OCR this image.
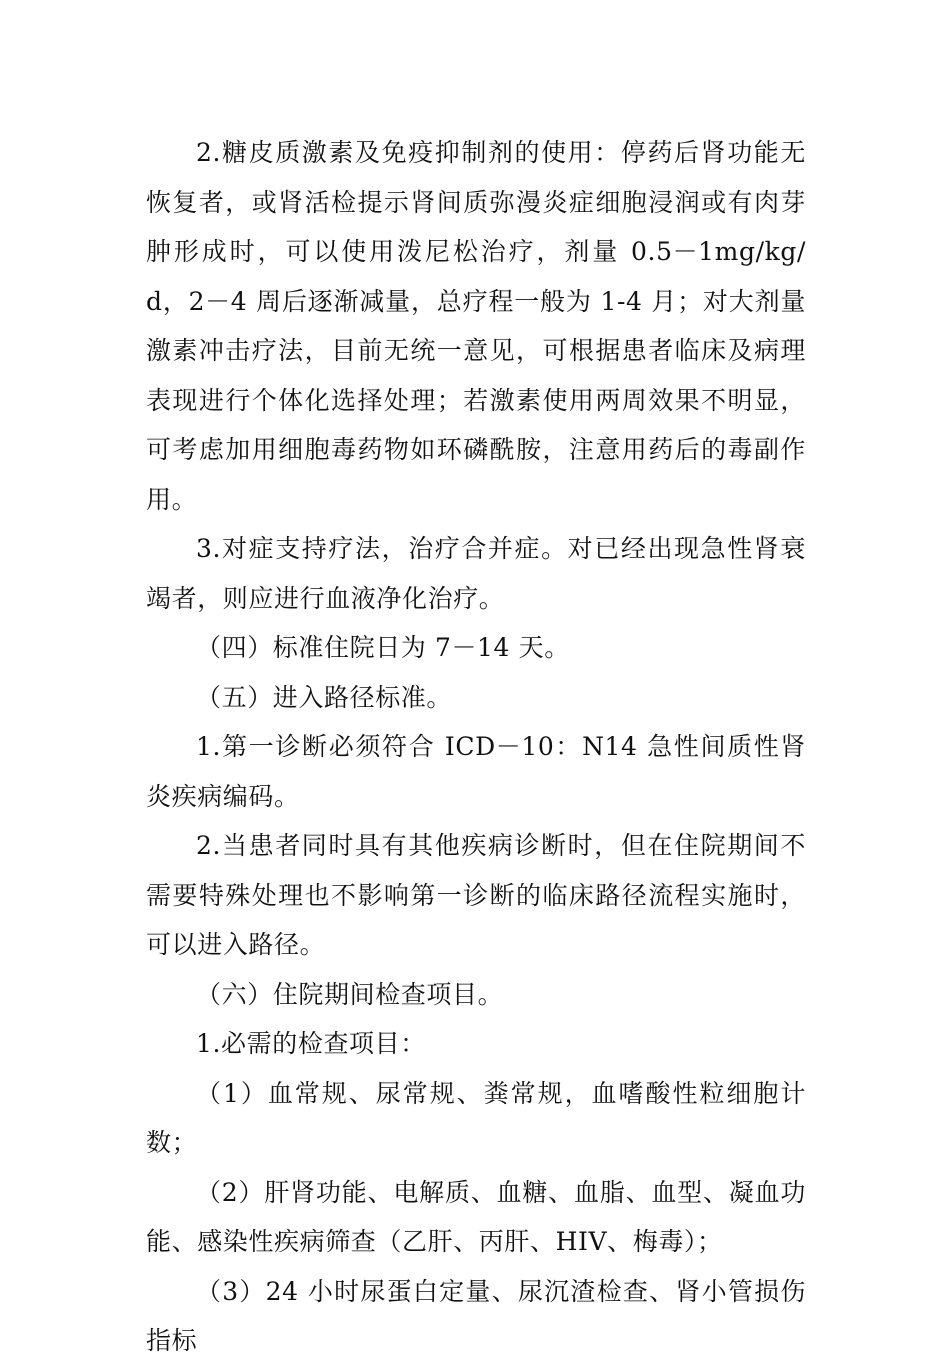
2.糖皮质激素及免疫抑制剂的使用：停药后肾功能无恢复者，或肾活检提示肾间质弥漫炎症细胞浸润或有肉芽肿形成时，可以使用泼尼松治疗，剂量 0.5－1mg/kg/d，2－4 周后逐渐减量，总疗程一般为 1-4 月；对大剂量激素冲击疗法，目前无统一意见，可根据患者临床及病理表现进行个体化选择处理；若激素使用两周效果不明显，可考虑加用细胞毒药物如环磷酰胺，注意用药后的毒副作用。

3.对症支持疗法，治疗合并症。对已经出现急性肾衰竭者，则应进行血液净化治疗。

（四）标准住院日为 7－14 天。

（五）进入路径标准。

1.第一诊断必须符合 ICD－10：N14 急性间质性肾炎疾病编码。

2.当患者同时具有其他疾病诊断时，但在住院期间不需要特殊处理也不影响第一诊断的临床路径流程实施时，可以进入路径。

（六）住院期间检查项目。

1.必需的检查项目：

（1）血常规、尿常规、粪常规，血嗜酸性粒细胞计数；

（2）肝肾功能、电解质、血糖、血脂、血型、凝血功能、感染性疾病筛查（乙肝、丙肝、HIV、梅毒）；

（3）24 小时尿蛋白定量、尿沉渣检查、肾小管损伤指标
